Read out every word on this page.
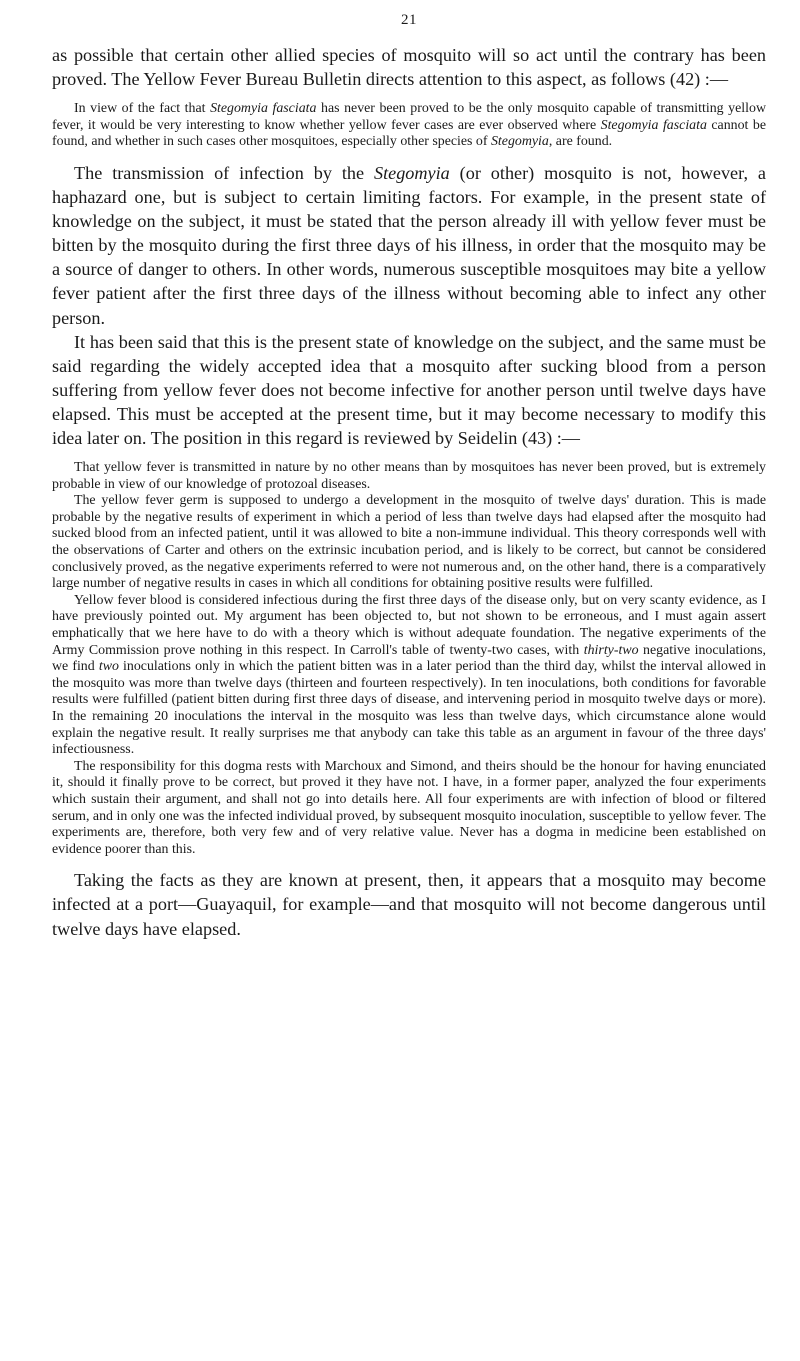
21

as possible that certain other allied species of mosquito will so act until the contrary has been proved. The Yellow Fever Bureau Bulletin directs attention to this aspect, as follows (42) :—

In view of the fact that Stegomyia fasciata has never been proved to be the only mosquito capable of transmitting yellow fever, it would be very interesting to know whether yellow fever cases are ever observed where Stegomyia fasciata cannot be found, and whether in such cases other mosquitoes, especially other species of Stegomyia, are found.

The transmission of infection by the Stegomyia (or other) mosquito is not, however, a haphazard one, but is subject to certain limiting factors. For example, in the present state of knowledge on the subject, it must be stated that the person already ill with yellow fever must be bitten by the mosquito during the first three days of his illness, in order that the mosquito may be a source of danger to others. In other words, numerous susceptible mosquitoes may bite a yellow fever patient after the first three days of the illness without becoming able to infect any other person.

It has been said that this is the present state of knowledge on the subject, and the same must be said regarding the widely accepted idea that a mosquito after sucking blood from a person suffering from yellow fever does not become infective for another person until twelve days have elapsed. This must be accepted at the present time, but it may become necessary to modify this idea later on. The position in this regard is reviewed by Seidelin (43) :—

That yellow fever is transmitted in nature by no other means than by mosquitoes has never been proved, but is extremely probable in view of our knowledge of protozoal diseases.

The yellow fever germ is supposed to undergo a development in the mosquito of twelve days' duration. This is made probable by the negative results of experiment in which a period of less than twelve days had elapsed after the mosquito had sucked blood from an infected patient, until it was allowed to bite a non-immune individual. This theory corresponds well with the observations of Carter and others on the extrinsic incubation period, and is likely to be correct, but cannot be considered conclusively proved, as the negative experiments referred to were not numerous and, on the other hand, there is a comparatively large number of negative results in cases in which all conditions for obtaining positive results were fulfilled.

Yellow fever blood is considered infectious during the first three days of the disease only, but on very scanty evidence, as I have previously pointed out. My argument has been objected to, but not shown to be erroneous, and I must again assert emphatically that we here have to do with a theory which is without adequate foundation. The negative experiments of the Army Commission prove nothing in this respect. In Carroll's table of twenty-two cases, with thirty-two negative inoculations, we find two inoculations only in which the patient bitten was in a later period than the third day, whilst the interval allowed in the mosquito was more than twelve days (thirteen and fourteen respectively). In ten inoculations, both conditions for favorable results were fulfilled (patient bitten during first three days of disease, and intervening period in mosquito twelve days or more). In the remaining 20 inoculations the interval in the mosquito was less than twelve days, which circumstance alone would explain the negative result. It really surprises me that anybody can take this table as an argument in favour of the three days' infectiousness.

The responsibility for this dogma rests with Marchoux and Simond, and theirs should be the honour for having enunciated it, should it finally prove to be correct, but proved it they have not. I have, in a former paper, analyzed the four experiments which sustain their argument, and shall not go into details here. All four experiments are with infection of blood or filtered serum, and in only one was the infected individual proved, by subsequent mosquito inoculation, susceptible to yellow fever. The experiments are, therefore, both very few and of very relative value. Never has a dogma in medicine been established on evidence poorer than this.

Taking the facts as they are known at present, then, it appears that a mosquito may become infected at a port—Guayaquil, for example—and that mosquito will not become dangerous until twelve days have elapsed.
